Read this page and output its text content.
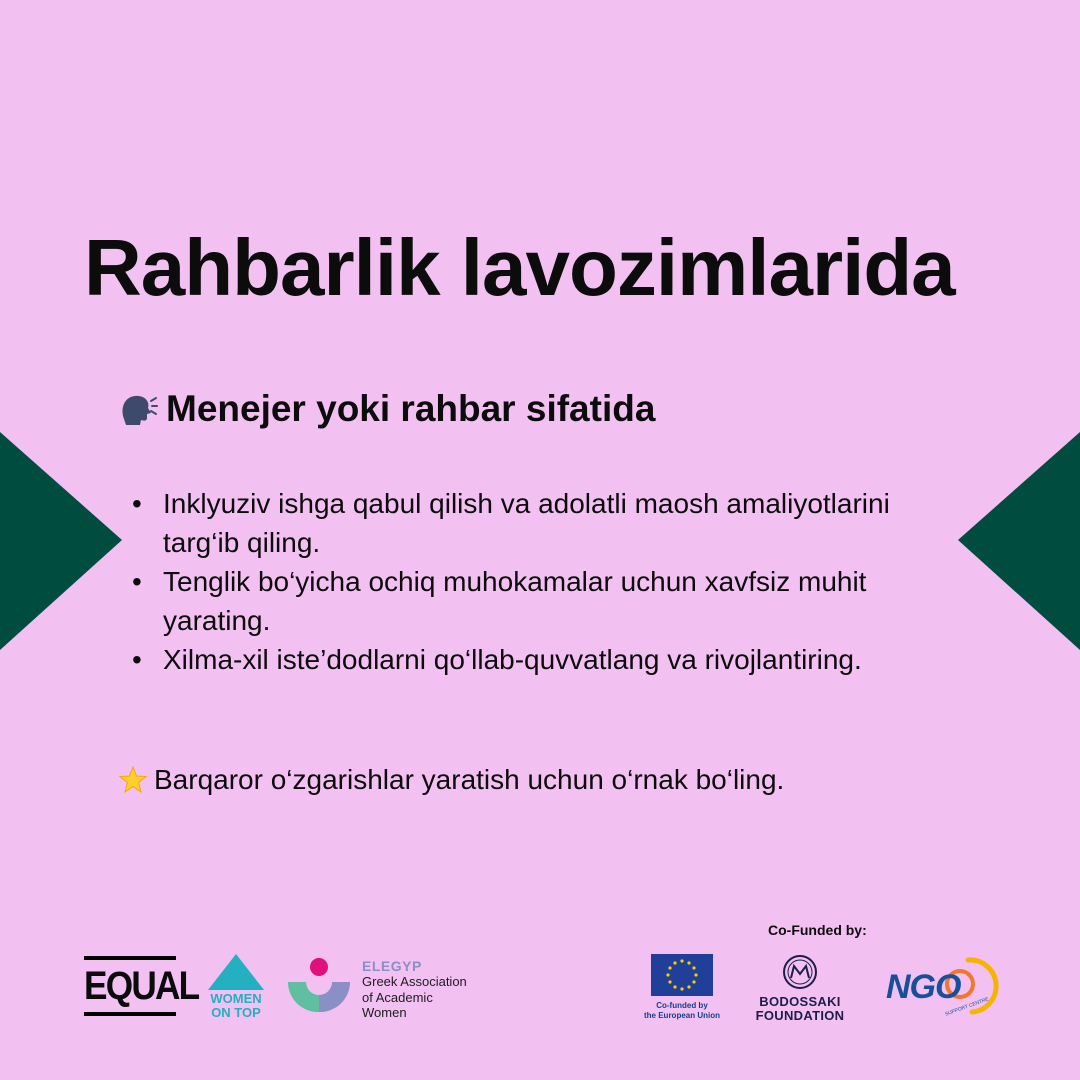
Rahbarlik lavozimlarida
Menejer yoki rahbar sifatida
• Inklyuziv ishga qabul qilish va adolatli maosh amaliyotlarini targ‘ib qiling.
• Tenglik bo‘yicha ochiq muhokamalar uchun xavfsiz muhit yarating.
• Xilma-xil iste’dodlarni qo‘llab-quvvatlang va rivojlantiring.
Barqaror o‘zgarishlar yaratish uchun o‘rnak bo‘ling.
Co-Funded by:
EQUAL WOMEN
ON TOP
ELEGYP
Greek Association
of Academic
Women	Co-funded by
the European Union
BODOSSAKI
FOUNDATION
NGO
SUPPORT CENTRE
